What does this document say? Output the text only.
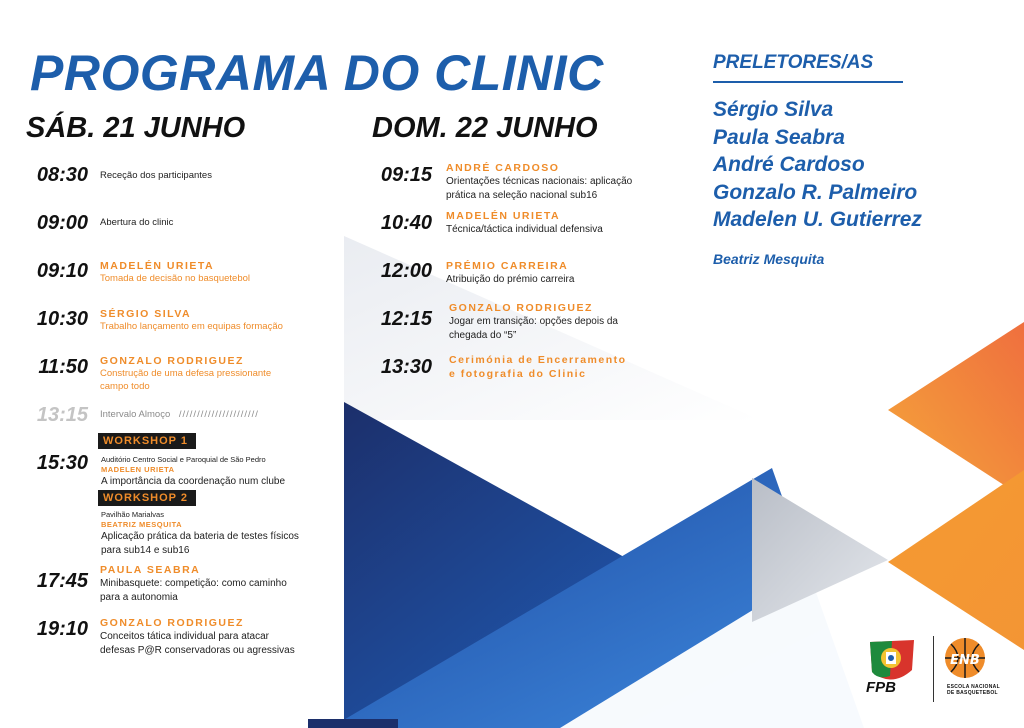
PROGRAMA DO CLINIC
SÁB. 21 JUNHO
08:30 Receção dos participantes
09:00 Abertura do clinic
09:10 MADELÉN URIETA
Tomada de decisão no basquetebol
10:30 SÉRGIO SILVA
Trabalho lançamento em equipas formação
11:50 GONZALO RODRIGUEZ
Construção de uma defesa pressionante
campo todo
13:15 Intervalo Almoço //////////////////////
WORKSHOP 1
15:30 Auditório Centro Social e Paroquial de São Pedro
MADELEN URIETA
A importância da coordenação num clube
WORKSHOP 2
Pavilhão Marialvas
BEATRIZ MESQUITA
Aplicação prática da bateria de testes físicos
para sub14 e sub16
17:45 PAULA SEABRA
Minibasquete: competição: como caminho
para a autonomia
19:10 GONZALO RODRIGUEZ
Conceitos tática individual para atacar
defesas P@R conservadoras ou agressivas
DOM. 22 JUNHO
09:15 ANDRÉ CARDOSO
Orientações técnicas nacionais: aplicação
prática na seleção nacional sub16
10:40 MADELÉN URIETA
Técnica/táctica individual defensiva
12:00 PRÉMIO CARREIRA
Atribuição do prémio carreira
12:15 GONZALO RODRIGUEZ
Jogar em transição: opções depois da
chegada do “5”
13:30 Cerimónia de Encerramento
e fotografia do Clinic
PRELETORES/AS
Sérgio Silva
Paula Seabra
André Cardoso
Gonzalo R. Palmeiro
Madelen U. Gutierrez
Beatriz Mesquita
FPB
ENB
ESCOLA NACIONAL
DE BASQUETEBOL
